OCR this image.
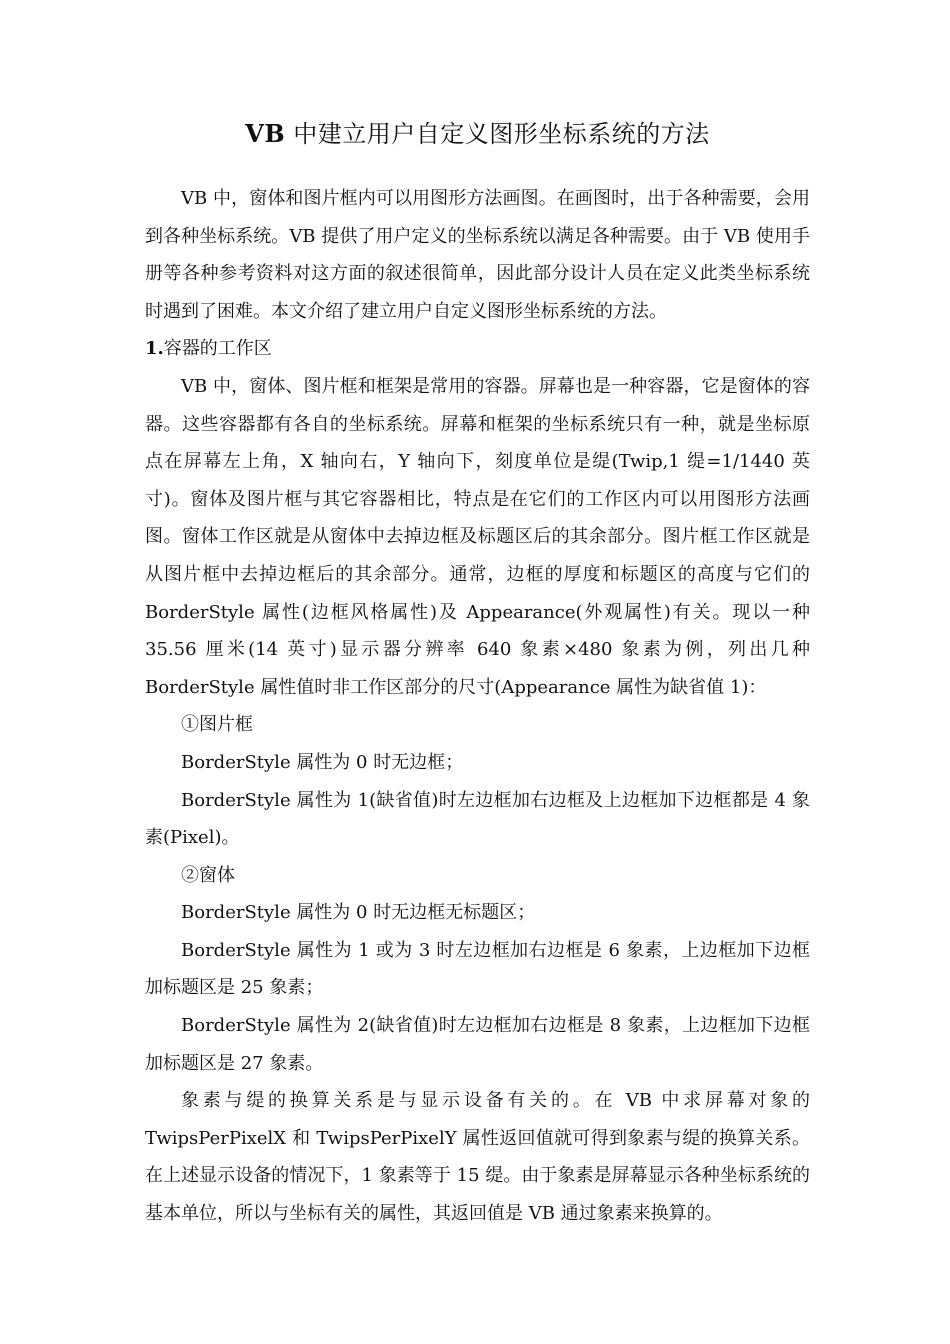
VB 中建立用户自定义图形坐标系统的方法

VB 中，窗体和图片框内可以用图形方法画图。在画图时，出于各种需要，会用到各种坐标系统。VB 提供了用户定义的坐标系统以满足各种需要。由于 VB 使用手册等各种参考资料对这方面的叙述很简单，因此部分设计人员在定义此类坐标系统时遇到了困难。本文介绍了建立用户自定义图形坐标系统的方法。

1.容器的工作区

VB 中，窗体、图片框和框架是常用的容器。屏幕也是一种容器，它是窗体的容器。这些容器都有各自的坐标系统。屏幕和框架的坐标系统只有一种，就是坐标原点在屏幕左上角，X 轴向右，Y 轴向下，刻度单位是缇(Twip,1 缇=1/1440 英寸)。窗体及图片框与其它容器相比，特点是在它们的工作区内可以用图形方法画图。窗体工作区就是从窗体中去掉边框及标题区后的其余部分。图片框工作区就是从图片框中去掉边框后的其余部分。通常，边框的厚度和标题区的高度与它们的 BorderStyle 属性(边框风格属性)及 Appearance(外观属性)有关。现以一种 35.56 厘米(14 英寸)显示器分辨率 640 象素×480 象素为例，列出几种 BorderStyle 属性值时非工作区部分的尺寸(Appearance 属性为缺省值 1)：

①图片框

BorderStyle 属性为 0 时无边框；

BorderStyle 属性为 1(缺省值)时左边框加右边框及上边框加下边框都是 4 象素(Pixel)。

②窗体

BorderStyle 属性为 0 时无边框无标题区；

BorderStyle 属性为 1 或为 3 时左边框加右边框是 6 象素，上边框加下边框加标题区是 25 象素；

BorderStyle 属性为 2(缺省值)时左边框加右边框是 8 象素，上边框加下边框加标题区是 27 象素。

象素与缇的换算关系是与显示设备有关的。在 VB 中求屏幕对象的 TwipsPerPixelX 和 TwipsPerPixelY 属性返回值就可得到象素与缇的换算关系。在上述显示设备的情况下，1 象素等于 15 缇。由于象素是屏幕显示各种坐标系统的基本单位，所以与坐标有关的属性，其返回值是 VB 通过象素来换算的。
